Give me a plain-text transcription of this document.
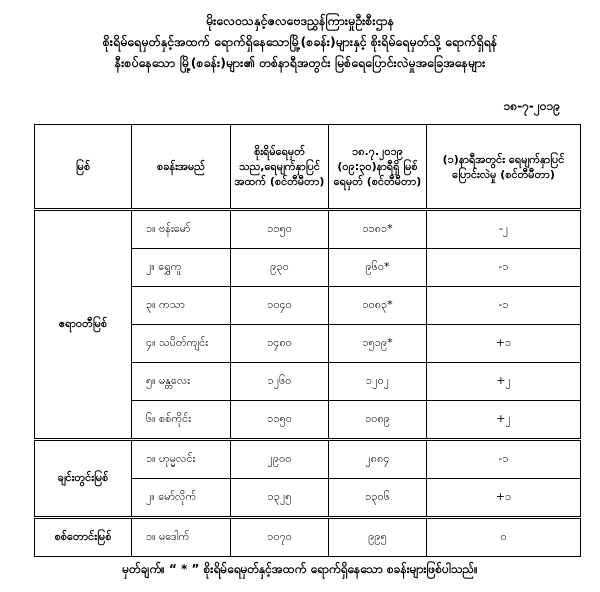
မိုးလေဝသနှင့်ဇလဗေဒညွှန်ကြားမှုဦးစီးဌာန
စိုးရိမ်ရေမှတ်နှင့်အထက် ရောက်ရှိနေသောမြို့(စခန်း)များနှင့် စိုးရိမ်ရေမှတ်သို့ ရောက်ရှိရန်
နီးစပ်နေသော မြို့(စခန်း)များ၏ တစ်နာရီအတွင်း မြစ်ရေပြောင်းလဲမှုအခြေအနေများ
၁၈-၇-၂၀၁၉
မြစ်	စခန်းအမည်	စိုးရိမ်ရေမှတ် သည,ရေမျက်နှာပြင် အထက် (စင်တီမီတာ)	၁၈.၇.၂၀၁၉ (၀၉:၃၀)နာရီရှိ မြစ်ရေမှတ် (စင်တီမီတာ)	(၁)နာရီအတွင်း ရေမျက်နှာပြင်ပြောင်းလဲမှု (စင်တီမီတာ)
ဧရာဝတီမြစ်	၁။ ဗန်းမော်	၁၁၅၀	၁၁၈၁*	-၂
	၂။ ရွှေကူ	၉၃၀	၉၆၀*	-၁
	၃။ ကသာ	၁၀၄၀	၁၀၈၃*	-၁
	၄။ သပိတ်ကျင်း	၁၄၈၀	၁၅၁၉*	+၁
	၅။ မန္တလေး	၁၂၆၀	၁၂၀၂	+၂
	၆။ စစ်ကိုင်း	၁၁၅၀	၁၀၈၉	+၂
ချင်းတွင်းမြစ်	၁။ ဟုမ္မလင်း	၂၉၀၀	၂၈၈၄	-၁
	၂။ မော်လိုက်	၁၃၂၅	၁၃၀၆	+၁
စစ်တောင်းမြစ်	၁။ မဒေါက်	၁၀၇၀	၉၉၅	၀
မှတ်ချက်။ “ * ” စိုးရိမ်ရေမှတ်နှင့်အထက် ရောက်ရှိနေသော စခန်းများဖြစ်ပါသည်။
